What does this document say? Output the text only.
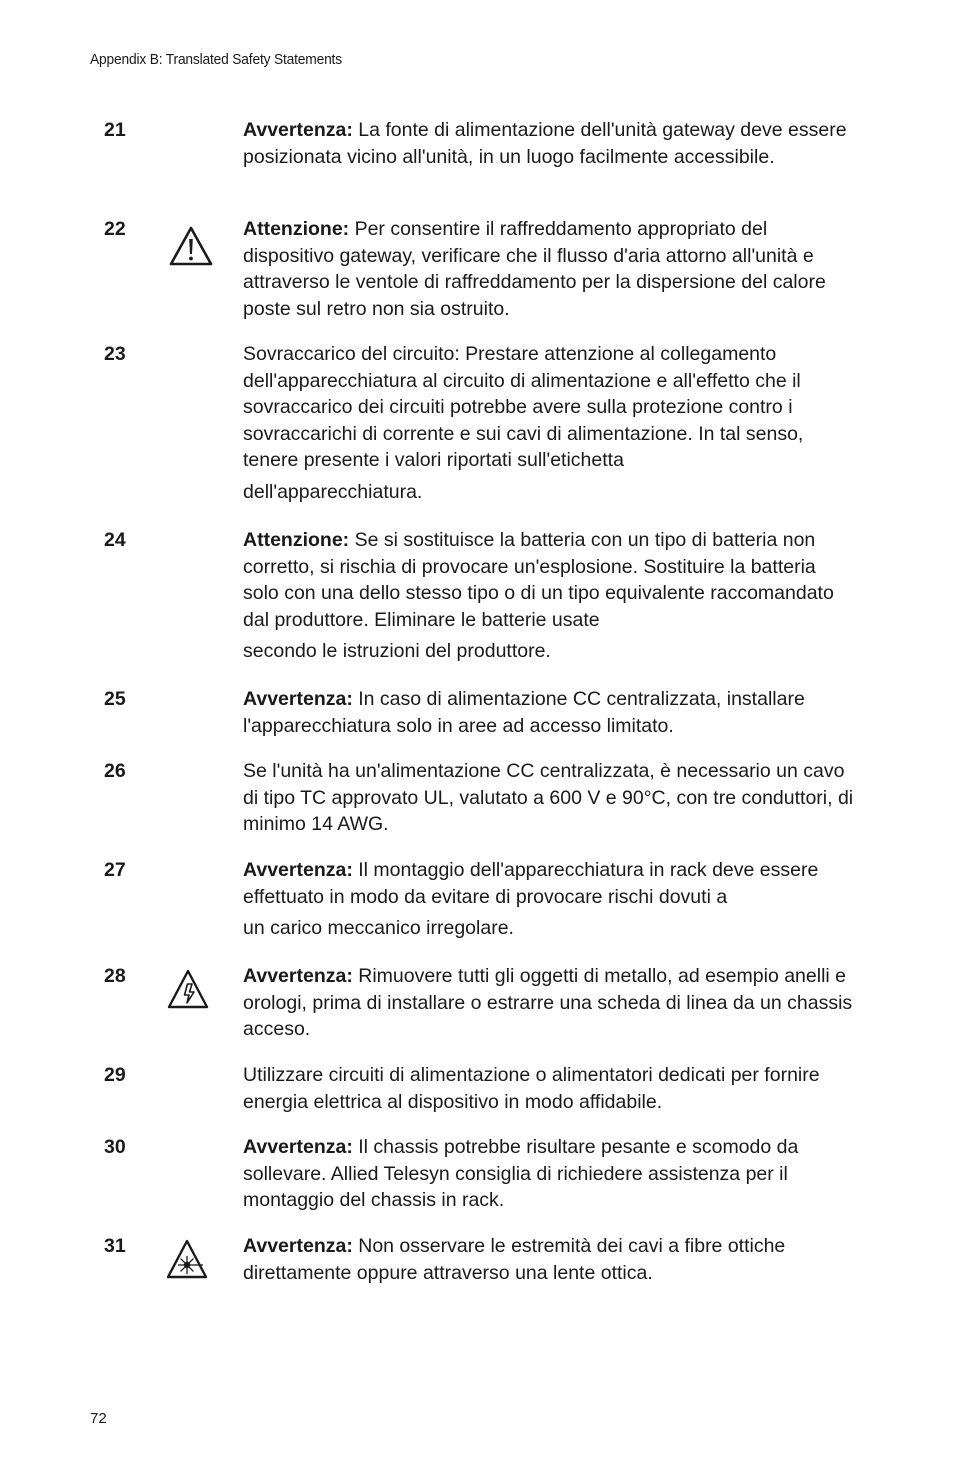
Appendix B: Translated Safety Statements
21	Avvertenza: La fonte di alimentazione dell'unità gateway deve essere posizionata vicino all'unità, in un luogo facilmente accessibile.

22	Attenzione: Per consentire il raffreddamento appropriato del dispositivo gateway, verificare che il flusso d'aria attorno all'unità e attraverso le ventole di raffreddamento per la dispersione del calore poste sul retro non sia ostruito.

23	Sovraccarico del circuito: Prestare attenzione al collegamento dell'apparecchiatura al circuito di alimentazione e all'effetto che il sovraccarico dei circuiti potrebbe avere sulla protezione contro i sovraccarichi di corrente e sui cavi di alimentazione. In tal senso, tenere presente i valori riportati sull'etichetta
dell'apparecchiatura.

24	Attenzione: Se si sostituisce la batteria con un tipo di batteria non corretto, si rischia di provocare un'esplosione. Sostituire la batteria solo con una dello stesso tipo o di un tipo equivalente raccomandato dal produttore. Eliminare le batterie usate
secondo le istruzioni del produttore.

25	Avvertenza: In caso di alimentazione CC centralizzata, installare l'apparecchiatura solo in aree ad accesso limitato.

26	Se l'unità ha un'alimentazione CC centralizzata, è necessario un cavo di tipo TC approvato UL, valutato a 600 V e 90°C, con tre conduttori, di minimo 14 AWG.

27	Avvertenza: Il montaggio dell'apparecchiatura in rack deve essere effettuato in modo da evitare di provocare rischi dovuti a
un carico meccanico irregolare.

28	Avvertenza: Rimuovere tutti gli oggetti di metallo, ad esempio anelli e orologi, prima di installare o estrarre una scheda di linea da un chassis acceso.

29	Utilizzare circuiti di alimentazione o alimentatori dedicati per fornire energia elettrica al dispositivo in modo affidabile.

30	Avvertenza: Il chassis potrebbe risultare pesante e scomodo da sollevare. Allied Telesyn consiglia di richiedere assistenza per il montaggio del chassis in rack.

31	Avvertenza: Non osservare le estremità dei cavi a fibre ottiche direttamente oppure attraverso una lente ottica.

72
